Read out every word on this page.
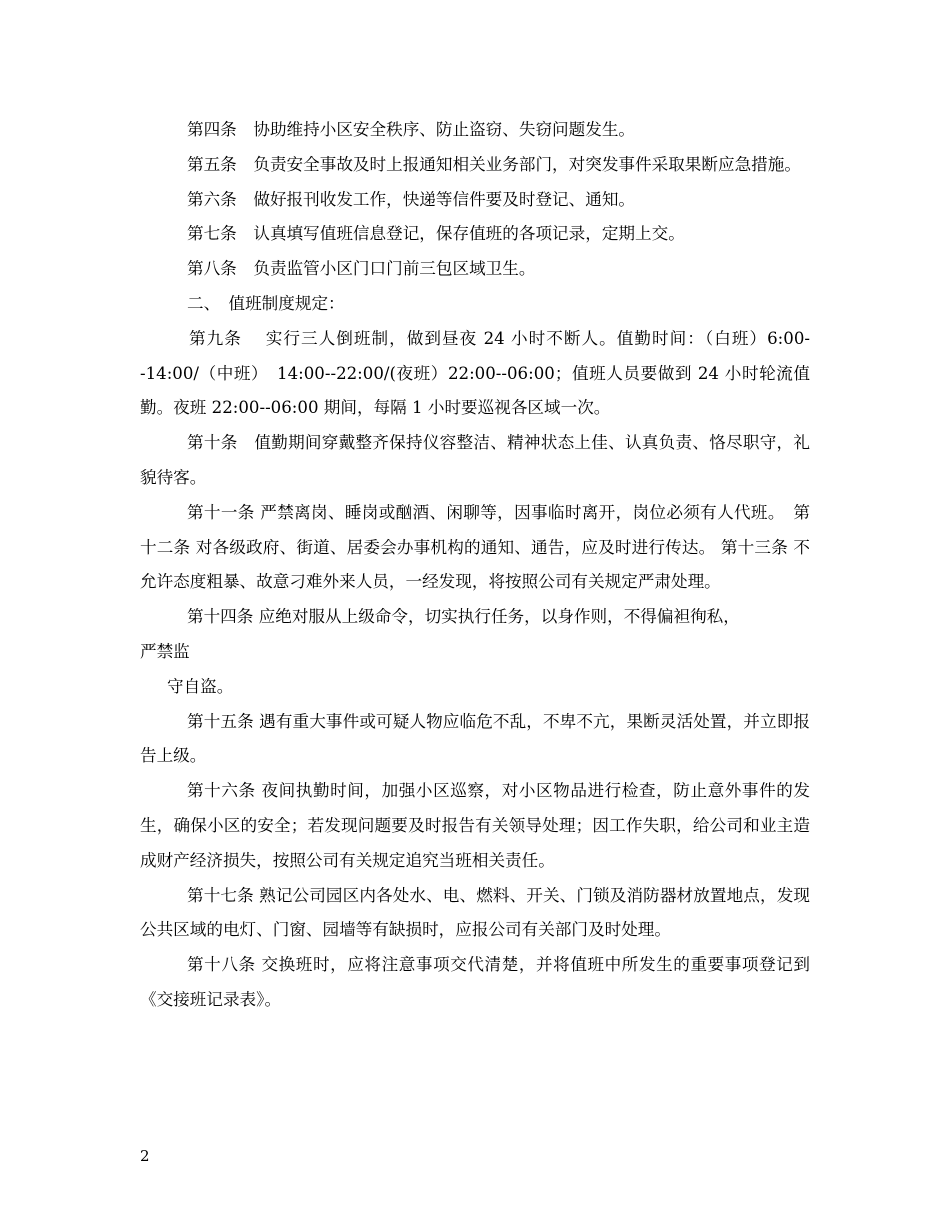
第四条　协助维持小区安全秩序、防止盗窃、失窃问题发生。

第五条　负责安全事故及时上报通知相关业务部门，对突发事件采取果断应急措施。

第六条　做好报刊收发工作，快递等信件要及时登记、通知。

第七条　认真填写值班信息登记，保存值班的各项记录，定期上交。

第八条　负责监管小区门口门前三包区域卫生。

二、　值班制度规定：

第九条　 实行三人倒班制，做到昼夜 24 小时不断人。值勤时间：（白班）6:00--14:00/（中班）　14:00--22:00/(夜班）22:00--06:00；值班人员要做到 24 小时轮流值勤。夜班 22:00--06:00 期间，每隔 1 小时要巡视各区域一次。

第十条　值勤期间穿戴整齐保持仪容整洁、精神状态上佳、认真负责、恪尽职守，礼貌待客。

第十一条 严禁离岗、睡岗或酗酒、闲聊等，因事临时离开，岗位必须有人代班。　第十二条 对各级政府、街道、居委会办事机构的通知、通告，应及时进行传达。 第十三条 不允许态度粗暴、故意刁难外来人员，一经发现，将按照公司有关规定严肃处理。

第十四条 应绝对服从上级命令，切实执行任务，以身作则，不得偏袒徇私，

严禁监

守自盗。

第十五条 遇有重大事件或可疑人物应临危不乱，不卑不亢，果断灵活处置，并立即报告上级。

第十六条 夜间执勤时间，加强小区巡察，对小区物品进行检查，防止意外事件的发生，确保小区的安全；若发现问题要及时报告有关领导处理；因工作失职，给公司和业主造成财产经济损失，按照公司有关规定追究当班相关责任。

第十七条 熟记公司园区内各处水、电、燃料、开关、门锁及消防器材放置地点，发现公共区域的电灯、门窗、园墙等有缺损时，应报公司有关部门及时处理。

第十八条 交换班时，应将注意事项交代清楚，并将值班中所发生的重要事项登记到《交接班记录表》。

2
